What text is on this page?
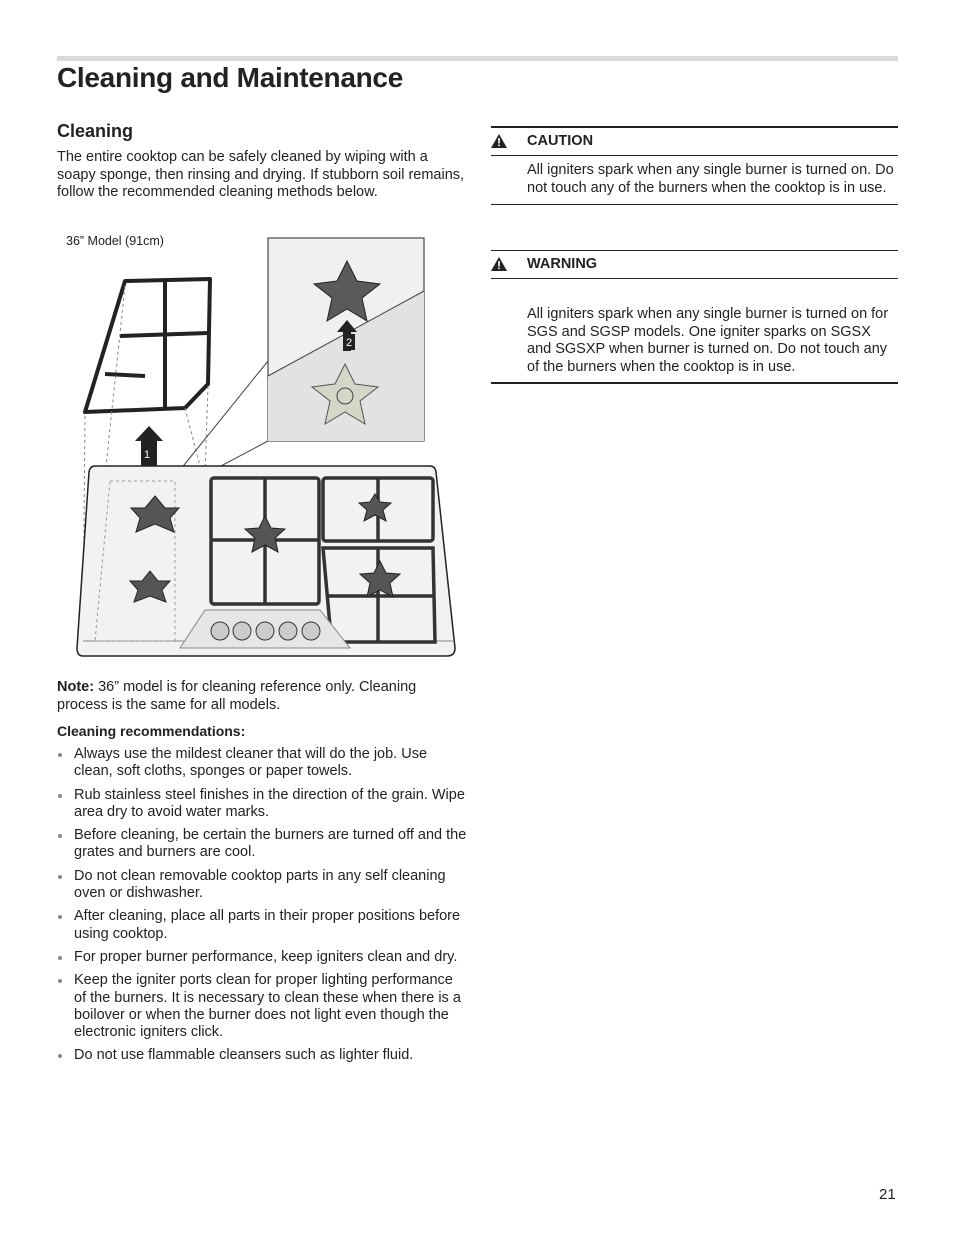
Cleaning and Maintenance
Cleaning
The entire cooktop can be safely cleaned by wiping with a soapy sponge, then rinsing and drying. If stubborn soil remains, follow the recommended cleaning methods below.
36” Model (91cm)
2
1
Note: 36” model is for cleaning reference only. Cleaning process is the same for all models.
Cleaning recommendations:
Always use the mildest cleaner that will do the job. Use clean, soft cloths, sponges or paper towels.
Rub stainless steel finishes in the direction of the grain. Wipe area dry to avoid water marks.
Before cleaning, be certain the burners are turned off and the grates and burners are cool.
Do not clean removable cooktop parts in any self cleaning oven or dishwasher.
After cleaning, place all parts in their proper positions before using cooktop.
For proper burner performance, keep igniters clean and dry.
Keep the igniter ports clean for proper lighting performance of the burners. It is necessary to clean these when there is a boilover or when the burner does not light even though the electronic igniters click.
Do not use flammable cleansers such as lighter fluid.
CAUTION
All igniters spark when any single burner is turned on. Do not touch any of the burners when the cooktop is in use.
WARNING
All igniters spark when any single burner is turned on for SGS and SGSP models. One igniter sparks on SGSX and SGSXP when burner is turned on. Do not touch any of the burners when the cooktop is in use.
21
